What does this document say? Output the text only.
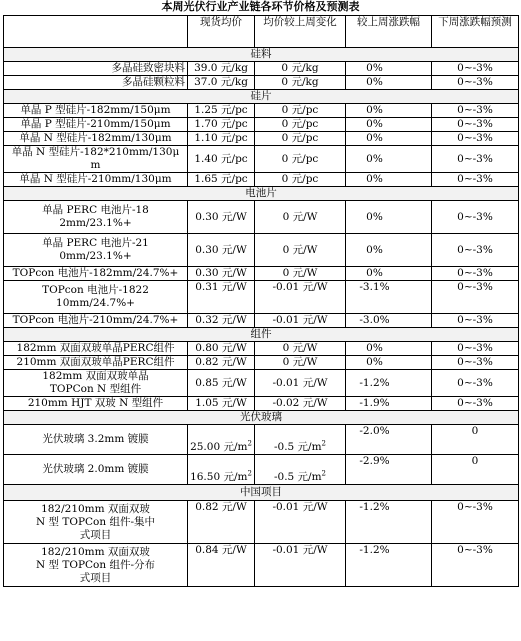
本周光伏行业产业链各环节价格及预测表
	现货均价	均价较上周变化	较上周涨跌幅	下周涨跌幅预测
硅料				
多晶硅致密块料	39.0 元/kg	0 元/kg	0%	0~-3%
多晶硅颗粒料	37.0 元/kg	0 元/kg	0%	0~-3%
硅片				
单晶 P 型硅片-182mm/150μm	1.25 元/pc	0 元/pc	0%	0~-3%
单晶 P 型硅片-210mm/150μm	1.70 元/pc	0 元/pc	0%	0~-3%
单晶 N 型硅片-182mm/130μm	1.10 元/pc	0 元/pc	0%	0~-3%
单晶 N 型硅片-182*210mm/130μm	1.40 元/pc	0 元/pc	0%	0~-3%
单晶 N 型硅片-210mm/130μm	1.65 元/pc	0 元/pc	0%	0~-3%
电池片				
单晶 PERC 电池片-182mm/23.1%+	0.30 元/W	0 元/W	0%	0~-3%
单晶 PERC 电池片-210mm/23.1%+	0.30 元/W	0 元/W	0%	0~-3%
TOPcon 电池片-182mm/24.7%+	0.30 元/W	0 元/W	0%	0~-3%
TOPcon 电池片-182210mm/24.7%+	0.31 元/W	-0.01 元/W	-3.1%	0~-3%
TOPcon 电池片-210mm/24.7%+	0.32 元/W	-0.01 元/W	-3.0%	0~-3%
组件				
182mm 双面双玻单晶PERC组件	0.80 元/W	0 元/W	0%	0~-3%
210mm 双面双玻单晶PERC组件	0.82 元/W	0 元/W	0%	0~-3%
182mm 双面双玻单晶 TOPCon N 型组件	0.85 元/W	-0.01 元/W	-1.2%	0~-3%
210mm HJT 双玻 N 型组件	1.05 元/W	-0.02 元/W	-1.9%	0~-3%
光伏玻璃				
光伏玻璃 3.2mm 镀膜	25.00 元$/m^2$	-0.5 元$/m^2$	-2.0%	0
光伏玻璃 2.0mm 镀膜	16.50 元$/m^2$	-0.5 元$/m^2$	-2.9%	0
中国项目				

182/210mm 双面双玻 N 型 TOPCon 组件-集中式项目	0.82 元/W	-0.01 元/W	-1.2%	0~-3%
182/210mm 双面双玻 N 型 TOPCon 组件-分布式项目	0.84 元/W	-0.01 元/W	-1.2%	0~-3%
